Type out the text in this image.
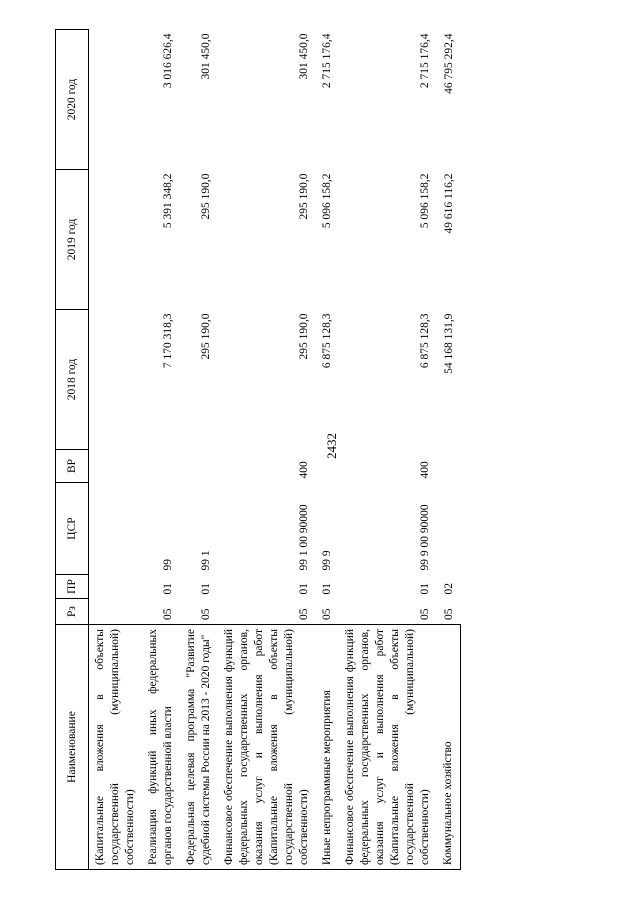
2432
Наименование	Рз	ПР	ЦСР	ВР	2018 год	2019 год	2020 год
(Капитальные вложения в объекты государственной (муниципальной) собственности)							
Реализация функций иных федеральных органов государственной власти	05	01	99		7 170 318,3	5 391 348,2	3 016 626,4
Федеральная целевая программа "Развитие судебной системы России на 2013 - 2020 годы"	05	01	99 1		295 190,0	295 190,0	301 450,0
Финансовое обеспечение выполнения функций федеральных государственных органов, оказания услуг и выполнения работ (Капитальные вложения в объекты государственной (муниципальной) собственности)	05	01	99 1 00 90000	400	295 190,0	295 190,0	301 450,0
Иные непрограммные мероприятия	05	01	99 9		6 875 128,3	5 096 158,2	2 715 176,4
Финансовое обеспечение выполнения функций федеральных государственных органов, оказания услуг и выполнения работ (Капитальные вложения в объекты государственной (муниципальной) собственности)	05	01	99 9 00 90000	400	6 875 128,3	5 096 158,2	2 715 176,4
Коммунальное хозяйство	05	02			54 168 131,9	49 616 116,2	46 795 292,4
